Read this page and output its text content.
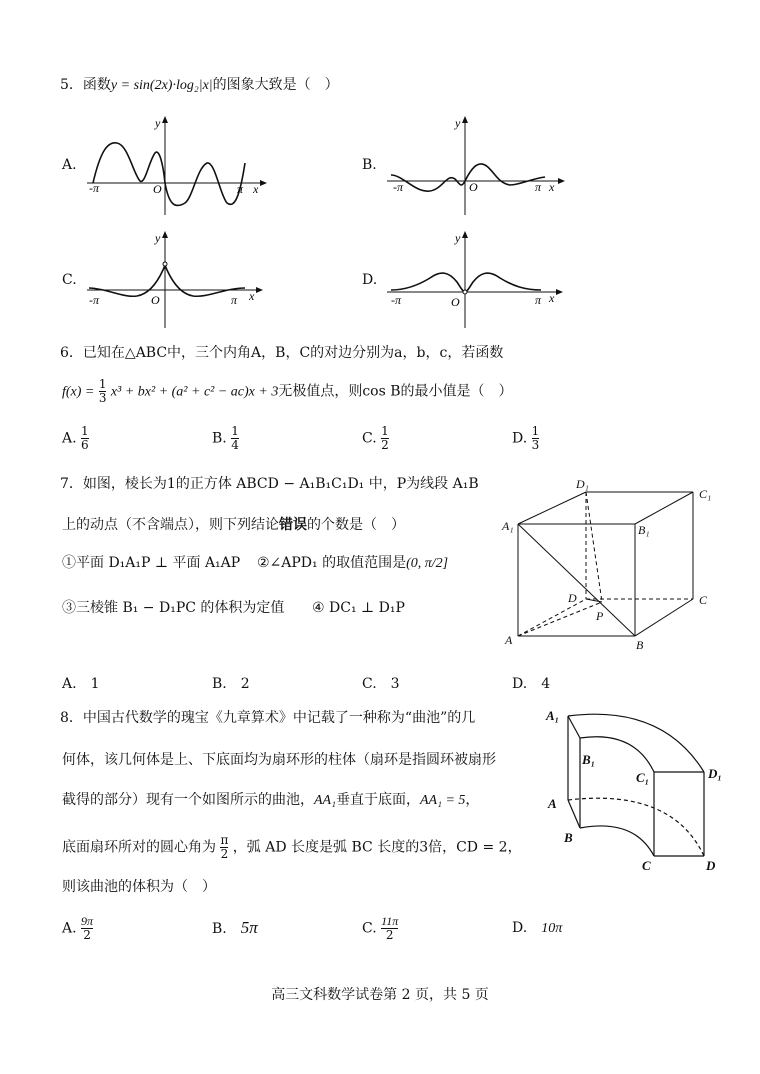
5．函数y = sin(2x)·log₂|x|的图象大致是（　）
A.
-π	O	π x
y
B.
-π	O	π x
y
C.
-π	O	π x
y
D.
-π	O	π x
y
6．已知在△ABC中，三个内角A，B，C的对边分别为a，b，c，若函数
$f(x) = \frac{1}{3} x^3 + bx^2 + (a^2 + c^2 - ac)x + 3$无极值点，则cos B的最小值是（　）
A. $\frac{1}{6}$	B. $\frac{1}{4}$	C. $\frac{1}{2}$	D. $\frac{1}{3}$
7．如图，棱长为1的正方体 ABCD − A₁B₁C₁D₁ 中，P为线段 A₁B
上的动点（不含端点），则下列结论错误的个数是（　）
①平面 D₁A₁P ⊥ 平面 A₁AP ②∠APD₁ 的取值范围是(0, π/2]
③三棱锥 B₁ − D₁PC 的体积为定值 ④ DC₁ ⊥ D₁P
A.　 1	B.　 2	C.　 3	D.　 4
A	B
C
D
A₁	B₁
C₁
D₁
P
8．中国古代数学的瑰宝《九章算术》中记载了一种称为“曲池”的几
何体，该几何体是上、下底面均为扇环形的柱体（扇环是指圆环被扇形
截得的部分）现有一个如图所示的曲池，AA₁垂直于底面，AA₁ = 5，
底面扇环所对的圆心角为 $\frac{\pi}{2}$ ，弧 AD 长度是弧 BC 长度的3倍，CD = 2，
则该曲池的体积为（　）
A. $\frac{9\pi}{2}$	B.　 5π	C. $\frac{11\pi}{2}$	D.　 10π
A₁
B₁
C₁	D₁
A
B
C	D
高三文科数学试卷第 2 页，共 5 页
